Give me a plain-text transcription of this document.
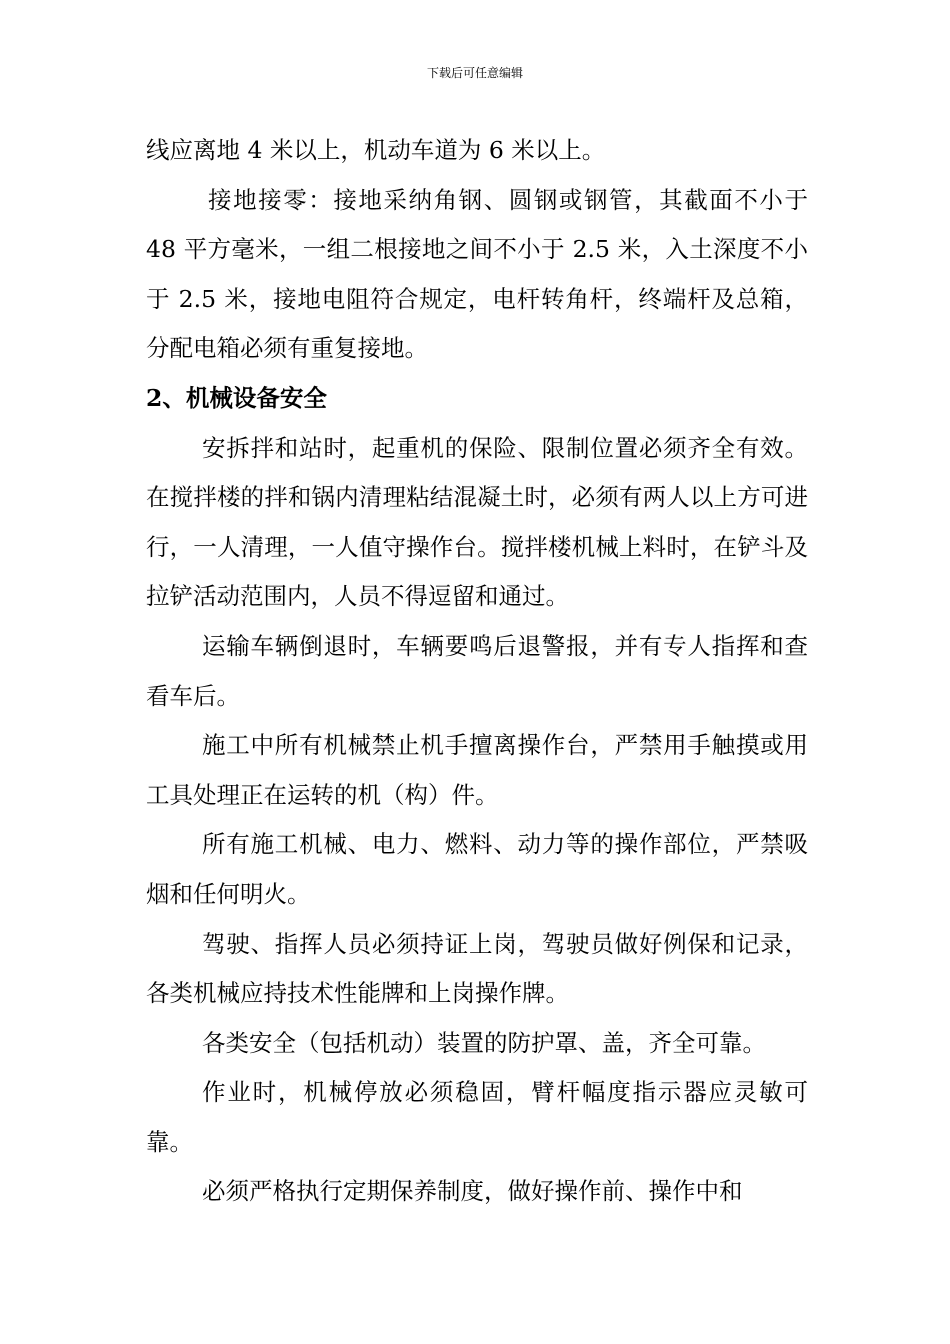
下载后可任意编辑

线应离地 4 米以上，机动车道为 6 米以上。

接地接零：接地采纳角钢、圆钢或钢管，其截面不小于 48 平方毫米，一组二根接地之间不小于 2.5 米，入土深度不小于 2.5 米，接地电阻符合规定，电杆转角杆，终端杆及总箱，分配电箱必须有重复接地。

2、机械设备安全

安拆拌和站时，起重机的保险、限制位置必须齐全有效。在搅拌楼的拌和锅内清理粘结混凝土时，必须有两人以上方可进行，一人清理，一人值守操作台。搅拌楼机械上料时，在铲斗及拉铲活动范围内，人员不得逗留和通过。

运输车辆倒退时，车辆要鸣后退警报，并有专人指挥和查看车后。

施工中所有机械禁止机手擅离操作台，严禁用手触摸或用工具处理正在运转的机（构）件。

所有施工机械、电力、燃料、动力等的操作部位，严禁吸烟和任何明火。

驾驶、指挥人员必须持证上岗，驾驶员做好例保和记录，各类机械应持技术性能牌和上岗操作牌。

各类安全（包括机动）装置的防护罩、盖，齐全可靠。

作业时，机械停放必须稳固，臂杆幅度指示器应灵敏可靠。

必须严格执行定期保养制度，做好操作前、操作中和
